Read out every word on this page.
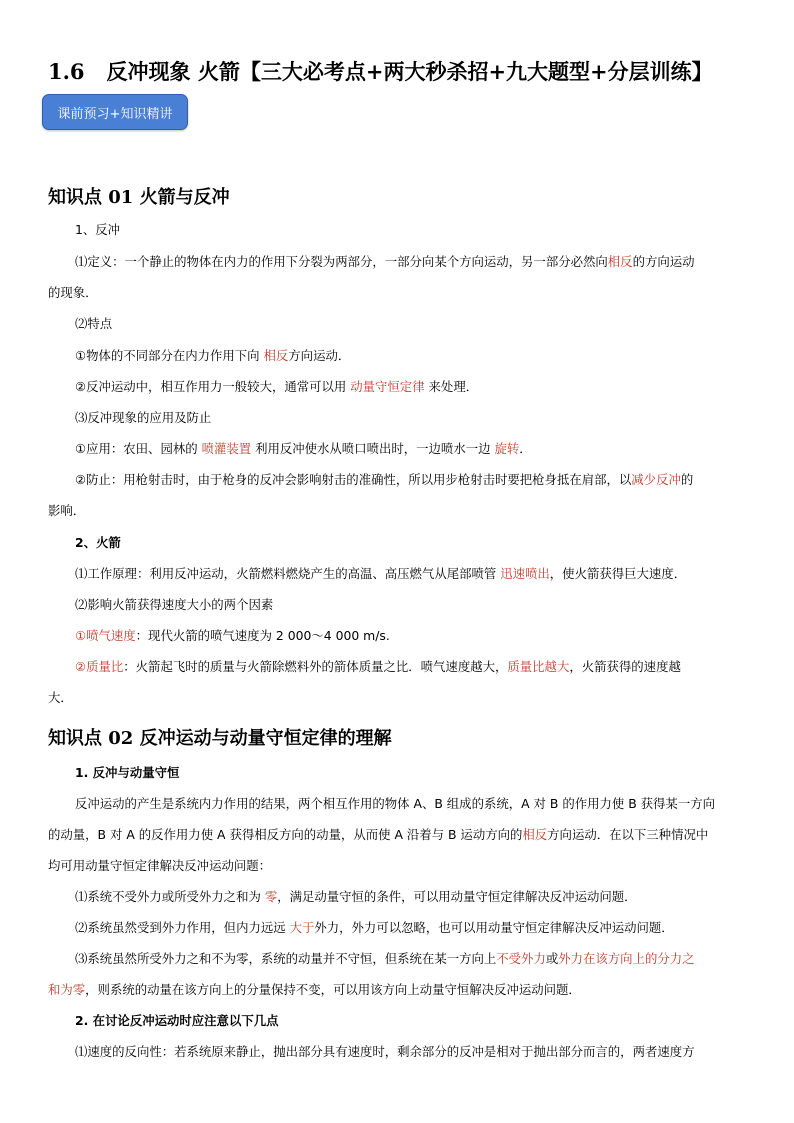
1.6 反冲现象 火箭【三大必考点+两大秒杀招+九大题型+分层训练】
课前预习+知识精讲
知识点 01 火箭与反冲
1、反冲
⑴定义：一个静止的物体在内力的作用下分裂为两部分，一部分向某个方向运动，另一部分必然向相反的方向运动
的现象．
⑵特点
①物体的不同部分在内力作用下向 相反方向运动．
②反冲运动中，相互作用力一般较大，通常可以用 动量守恒定律 来处理．
⑶反冲现象的应用及防止
①应用：农田、园林的 喷灌装置 利用反冲使水从喷口喷出时，一边喷水一边 旋转．
②防止：用枪射击时，由于枪身的反冲会影响射击的准确性，所以用步枪射击时要把枪身抵在肩部，以减少反冲的
影响．
2、火箭
⑴工作原理：利用反冲运动，火箭燃料燃烧产生的高温、高压燃气从尾部喷管 迅速喷出，使火箭获得巨大速度．
⑵影响火箭获得速度大小的两个因素
①喷气速度：现代火箭的喷气速度为 2 000～4 000 m/s.
②质量比：火箭起飞时的质量与火箭除燃料外的箭体质量之比．喷气速度越大，质量比越大，火箭获得的速度越
大．
知识点 02 反冲运动与动量守恒定律的理解
1. 反冲与动量守恒
反冲运动的产生是系统内力作用的结果，两个相互作用的物体 A、B 组成的系统，A 对 B 的作用力使 B 获得某一方向
的动量，B 对 A 的反作用力使 A 获得相反方向的动量，从而使 A 沿着与 B 运动方向的相反方向运动．在以下三种情况中
均可用动量守恒定律解决反冲运动问题：
⑴系统不受外力或所受外力之和为 零，满足动量守恒的条件，可以用动量守恒定律解决反冲运动问题．
⑵系统虽然受到外力作用，但内力远远 大于外力，外力可以忽略，也可以用动量守恒定律解决反冲运动问题．
⑶系统虽然所受外力之和不为零，系统的动量并不守恒，但系统在某一方向上不受外力或外力在该方向上的分力之
和为零，则系统的动量在该方向上的分量保持不变，可以用该方向上动量守恒解决反冲运动问题．
2. 在讨论反冲运动时应注意以下几点
⑴速度的反向性：若系统原来静止，抛出部分具有速度时，剩余部分的反冲是相对于抛出部分而言的，两者速度方
